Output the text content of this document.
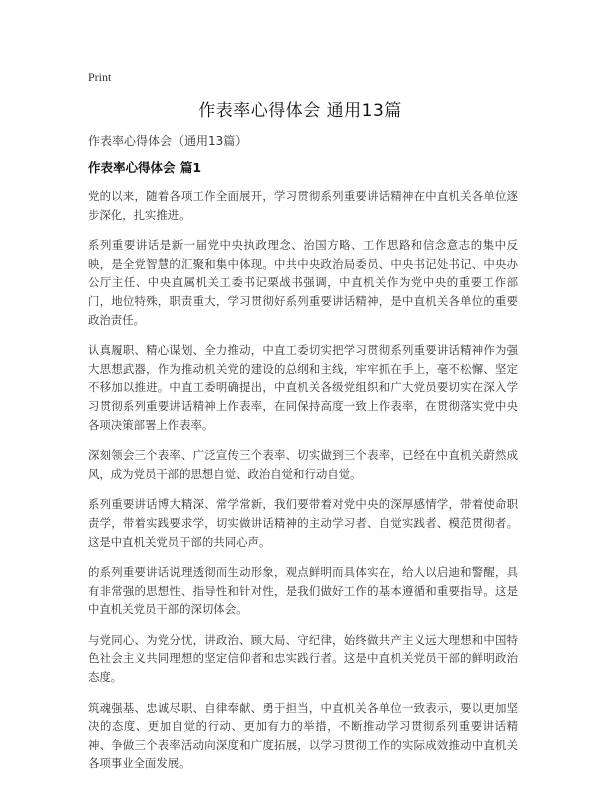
Print
作表率心得体会 通用13篇

作表率心得体会（通用13篇）

作表率心得体会 篇1

党的以来，随着各项工作全面展开，学习贯彻系列重要讲话精神在中直机关各单位逐步深化，扎实推进。

系列重要讲话是新一届党中央执政理念、治国方略、工作思路和信念意志的集中反映，是全党智慧的汇聚和集中体现。中共中央政治局委员、中央书记处书记、中央办公厅主任、中央直属机关工委书记栗战书强调，中直机关作为党中央的重要工作部门，地位特殊，职责重大，学习贯彻好系列重要讲话精神，是中直机关各单位的重要政治责任。

认真履职、精心谋划、全力推动，中直工委切实把学习贯彻系列重要讲话精神作为强大思想武器，作为推动机关党的建设的总纲和主线，牢牢抓在手上，毫不松懈、坚定不移加以推进。中直工委明确提出，中直机关各级党组织和广大党员要切实在深入学习贯彻系列重要讲话精神上作表率，在同保持高度一致上作表率，在贯彻落实党中央各项决策部署上作表率。

深刻领会三个表率、广泛宣传三个表率、切实做到三个表率，已经在中直机关蔚然成风，成为党员干部的思想自觉、政治自觉和行动自觉。

系列重要讲话博大精深、常学常新，我们要带着对党中央的深厚感情学，带着使命职责学，带着实践要求学，切实做讲话精神的主动学习者、自觉实践者、模范贯彻者。这是中直机关党员干部的共同心声。

的系列重要讲话说理透彻而生动形象，观点鲜明而具体实在，给人以启迪和警醒，具有非常强的思想性、指导性和针对性，是我们做好工作的基本遵循和重要指导。这是中直机关党员干部的深切体会。

与党同心、为党分忧，讲政治、顾大局、守纪律，始终做共产主义远大理想和中国特色社会主义共同理想的坚定信仰者和忠实践行者。这是中直机关党员干部的鲜明政治态度。

筑魂强基、忠诚尽职、自律奉献、勇于担当，中直机关各单位一致表示，要以更加坚决的态度、更加自觉的行动、更加有力的举措，不断推动学习贯彻系列重要讲话精神、争做三个表率活动向深度和广度拓展，以学习贯彻工作的实际成效推动中直机关各项事业全面发展。
